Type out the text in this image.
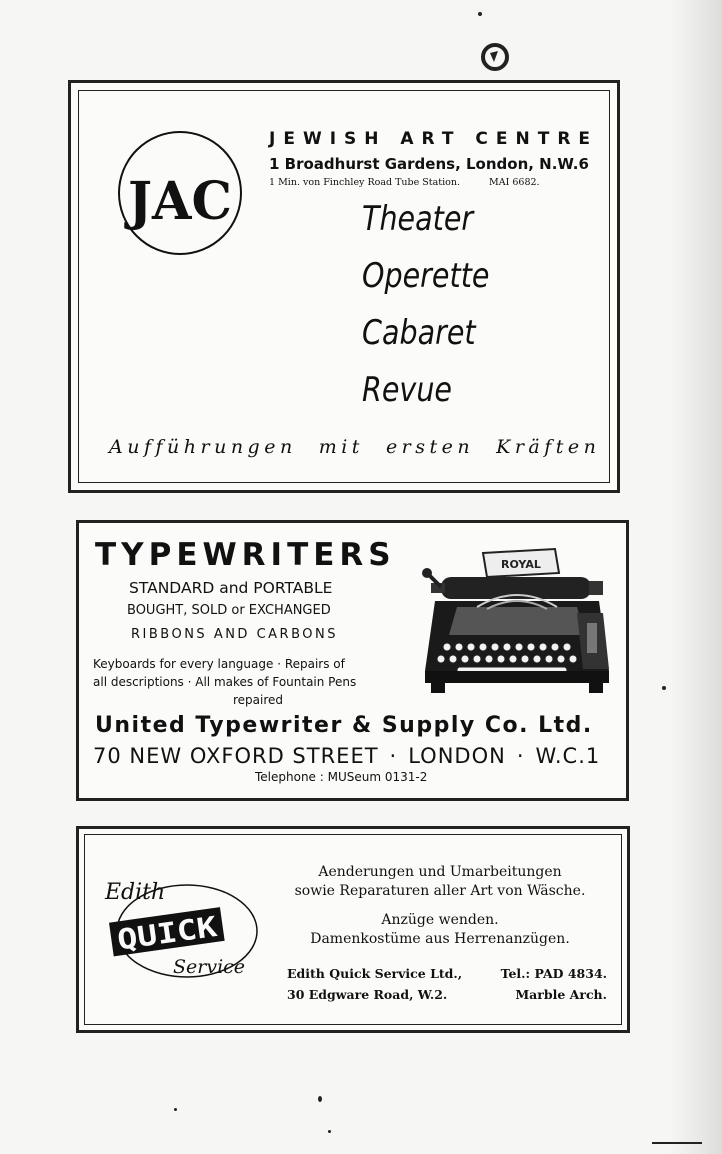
JAC
JEWISH ART CENTRE
1 Broadhurst Gardens, London, N.W.6
1 Min. von Finchley Road Tube Station.	MAI 6682.
Theater
Operette
Cabaret
Revue
Aufführungen mit ersten Kräften
TYPEWRITERS
STANDARD and PORTABLE
BOUGHT, SOLD or EXCHANGED
RIBBONS AND CARBONS
Keyboards for every language · Repairs of
all descriptions · All makes of Fountain Pens
repaired
ROYAL
United Typewriter & Supply Co. Ltd.
70 NEW OXFORD STREET · LONDON · W.C.1
Telephone : MUSeum 0131-2
Edith
QUICK
Service
Aenderungen und Umarbeitungen
sowie Reparaturen aller Art von Wäsche.
Anzüge wenden.
Damenkostüme aus Herrenanzügen.
Edith Quick Service Ltd.,	Tel.: PAD 4834.
30 Edgware Road, W.2.	Marble Arch.
